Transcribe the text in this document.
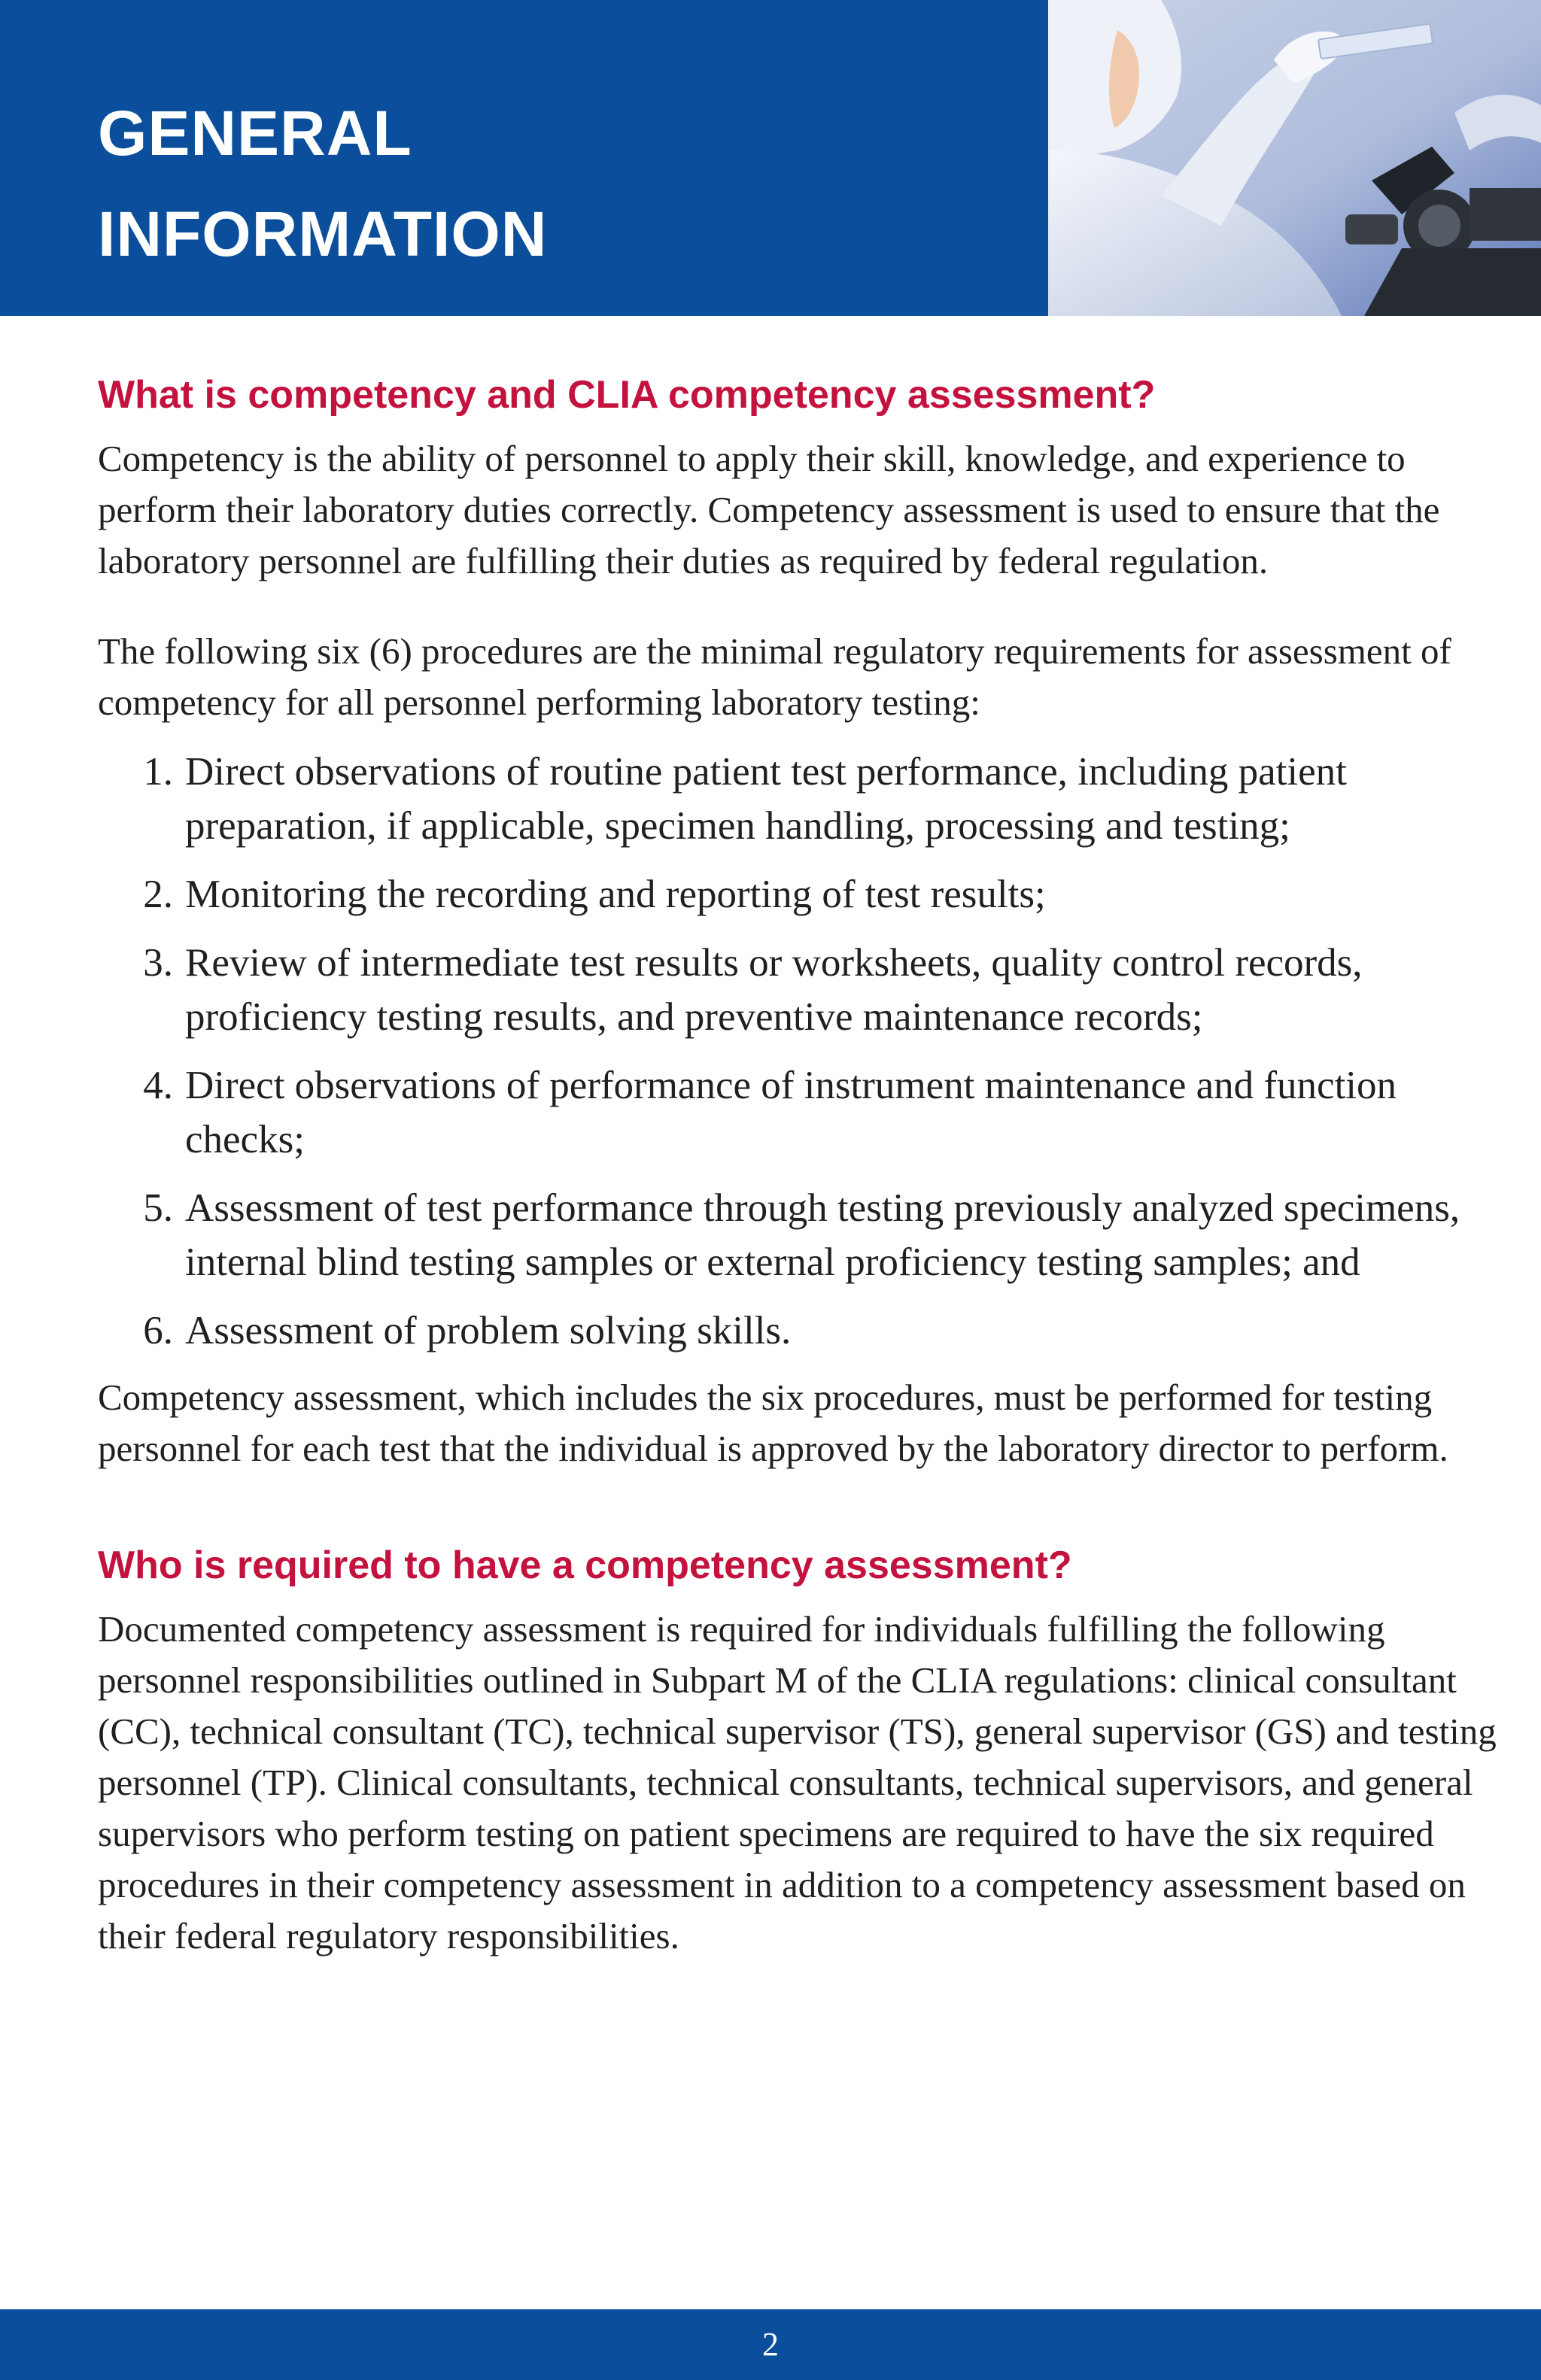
GENERAL
INFORMATION
What is competency and CLIA competency assessment?

Competency is the ability of personnel to apply their skill, knowledge, and experience to perform their laboratory duties correctly. Competency assessment is used to ensure that the laboratory personnel are fulfilling their duties as required by federal regulation.

The following six (6) procedures are the minimal regulatory requirements for assessment of competency for all personnel performing laboratory testing:

1. Direct observations of routine patient test performance, including patient preparation, if applicable, specimen handling, processing and testing;
2. Monitoring the recording and reporting of test results;
3. Review of intermediate test results or worksheets, quality control records, proficiency testing results, and preventive maintenance records;
4. Direct observations of performance of instrument maintenance and function checks;
5. Assessment of test performance through testing previously analyzed specimens, internal blind testing samples or external proficiency testing samples; and
6. Assessment of problem solving skills.

Competency assessment, which includes the six procedures, must be performed for testing personnel for each test that the individual is approved by the laboratory director to perform.

Who is required to have a competency assessment?

Documented competency assessment is required for individuals fulfilling the following personnel responsibilities outlined in Subpart M of the CLIA regulations: clinical consultant (CC), technical consultant (TC), technical supervisor (TS), general supervisor (GS) and testing personnel (TP). Clinical consultants, technical consultants, technical supervisors, and general supervisors who perform testing on patient specimens are required to have the six required procedures in their competency assessment in addition to a competency assessment based on their federal regulatory responsibilities.

2
